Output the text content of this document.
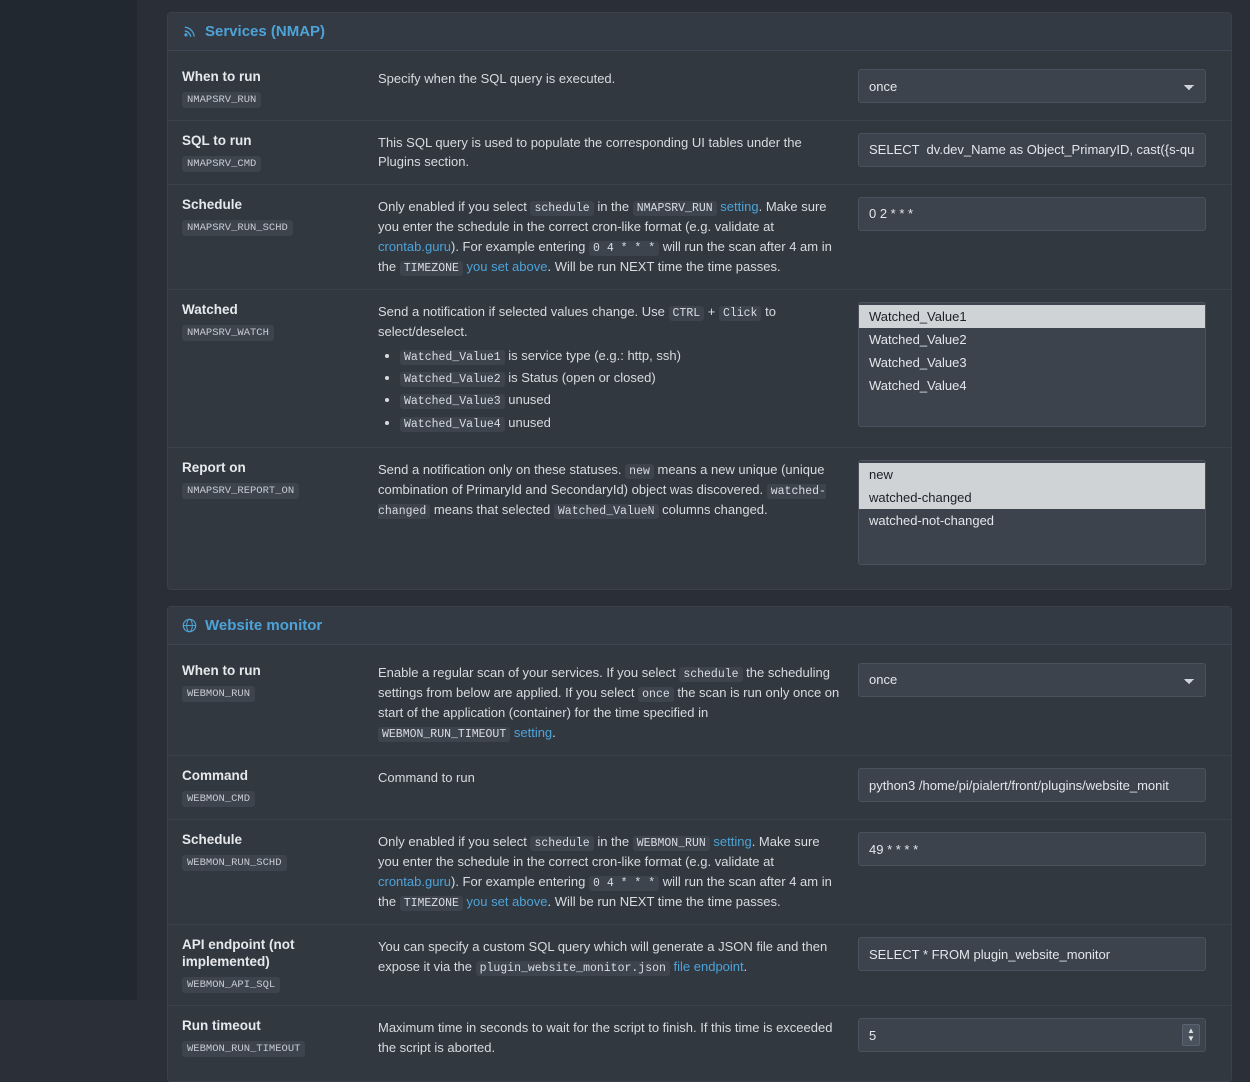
Services (NMAP)
When to run
NMAPSRV_RUN
Specify when the SQL query is executed.
once
SQL to run
NMAPSRV_CMD
This SQL query is used to populate the corresponding UI tables under the Plugins section.
SELECT dv.dev_Name as Object_PrimaryID, cast({s-quo
Schedule
NMAPSRV_RUN_SCHD
Only enabled if you select schedule in the NMAPSRV_RUN setting. Make sure you enter the schedule in the correct cron-like format (e.g. validate at crontab.guru). For example entering 0 4 * * * will run the scan after 4 am in the TIMEZONE you set above. Will be run NEXT time the time passes.
0 2 * * *
Watched
NMAPSRV_WATCH
Send a notification if selected values change. Use CTRL + Click to select/deselect.
• Watched_Value1 is service type (e.g.: http, ssh)
• Watched_Value2 is Status (open or closed)
• Watched_Value3 unused
• Watched_Value4 unused
Watched_Value1
Watched_Value2
Watched_Value3
Watched_Value4
Report on
NMAPSRV_REPORT_ON
Send a notification only on these statuses. new means a new unique (unique combination of PrimaryId and SecondaryId) object was discovered. watched-changed means that selected Watched_ValueN columns changed.
new
watched-changed
watched-not-changed
Website monitor
When to run
WEBMON_RUN
Enable a regular scan of your services. If you select schedule the scheduling settings from below are applied. If you select once the scan is run only once on start of the application (container) for the time specified in WEBMON_RUN_TIMEOUT setting.
once
Command
WEBMON_CMD
Command to run
python3 /home/pi/pialert/front/plugins/website_monit
Schedule
WEBMON_RUN_SCHD
Only enabled if you select schedule in the WEBMON_RUN setting. Make sure you enter the schedule in the correct cron-like format (e.g. validate at crontab.guru). For example entering 0 4 * * * will run the scan after 4 am in the TIMEZONE you set above. Will be run NEXT time the time passes.
49 * * * *
API endpoint (not implemented)
WEBMON_API_SQL
You can specify a custom SQL query which will generate a JSON file and then expose it via the plugin_website_monitor.json file endpoint.
SELECT * FROM plugin_website_monitor
Run timeout
WEBMON_RUN_TIMEOUT
Maximum time in seconds to wait for the script to finish. If this time is exceeded the script is aborted.
5
▲
▼
